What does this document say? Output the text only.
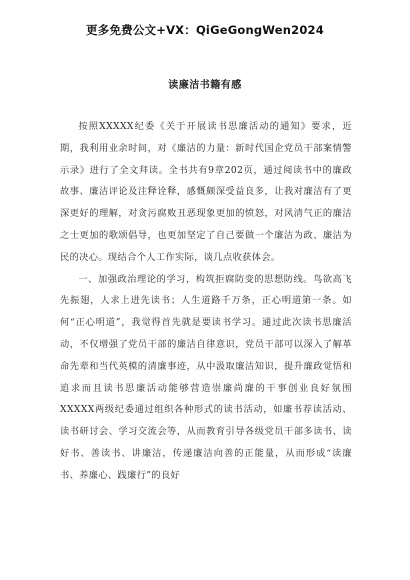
更多免费公文+VX：QiGeGongWen2024
读廉洁书籍有感

按照XXXXX纪委《关于开展读书思廉活动的通知》要求，近期，我利用业余时间，对《廉洁的力量：新时代国企党员干部案情警示录》进行了全文拜读。全书共有9章202页，通过阅读书中的廉政故事、廉洁评论及注释诠释，感慨颇深受益良多，让我对廉洁有了更深更好的理解，对贪污腐败丑恶现象更加的愤怒，对风清气正的廉洁之士更加的歌颂倡导，也更加坚定了自己要做一个廉洁为政、廉洁为民的决心。现结合个人工作实际，谈几点收获体会。

一、加强政治理论的学习，构筑拒腐防变的思想防线。鸟欲高飞先振翅，人求上进先读书；人生道路千万条，正心明道第一条。如何“正心明道”，我觉得首先就是要读书学习。通过此次读书思廉活动，不仅增强了党员干部的廉洁自律意识，党员干部可以深入了解革命先辈和当代英模的清廉事迹，从中汲取廉洁知识，提升廉政觉悟和追求而且读书思廉活动能够营造崇廉尚廉的干事创业良好氛围XXXXX两级纪委通过组织各种形式的读书活动，如廉书荐读活动、读书研讨会、学习交流会等，从而教育引导各级党员干部多读书、读好书、善读书、讲廉洁，传递廉洁向善的正能量，从而形成“读廉书、养廉心、践廉行”的良好
